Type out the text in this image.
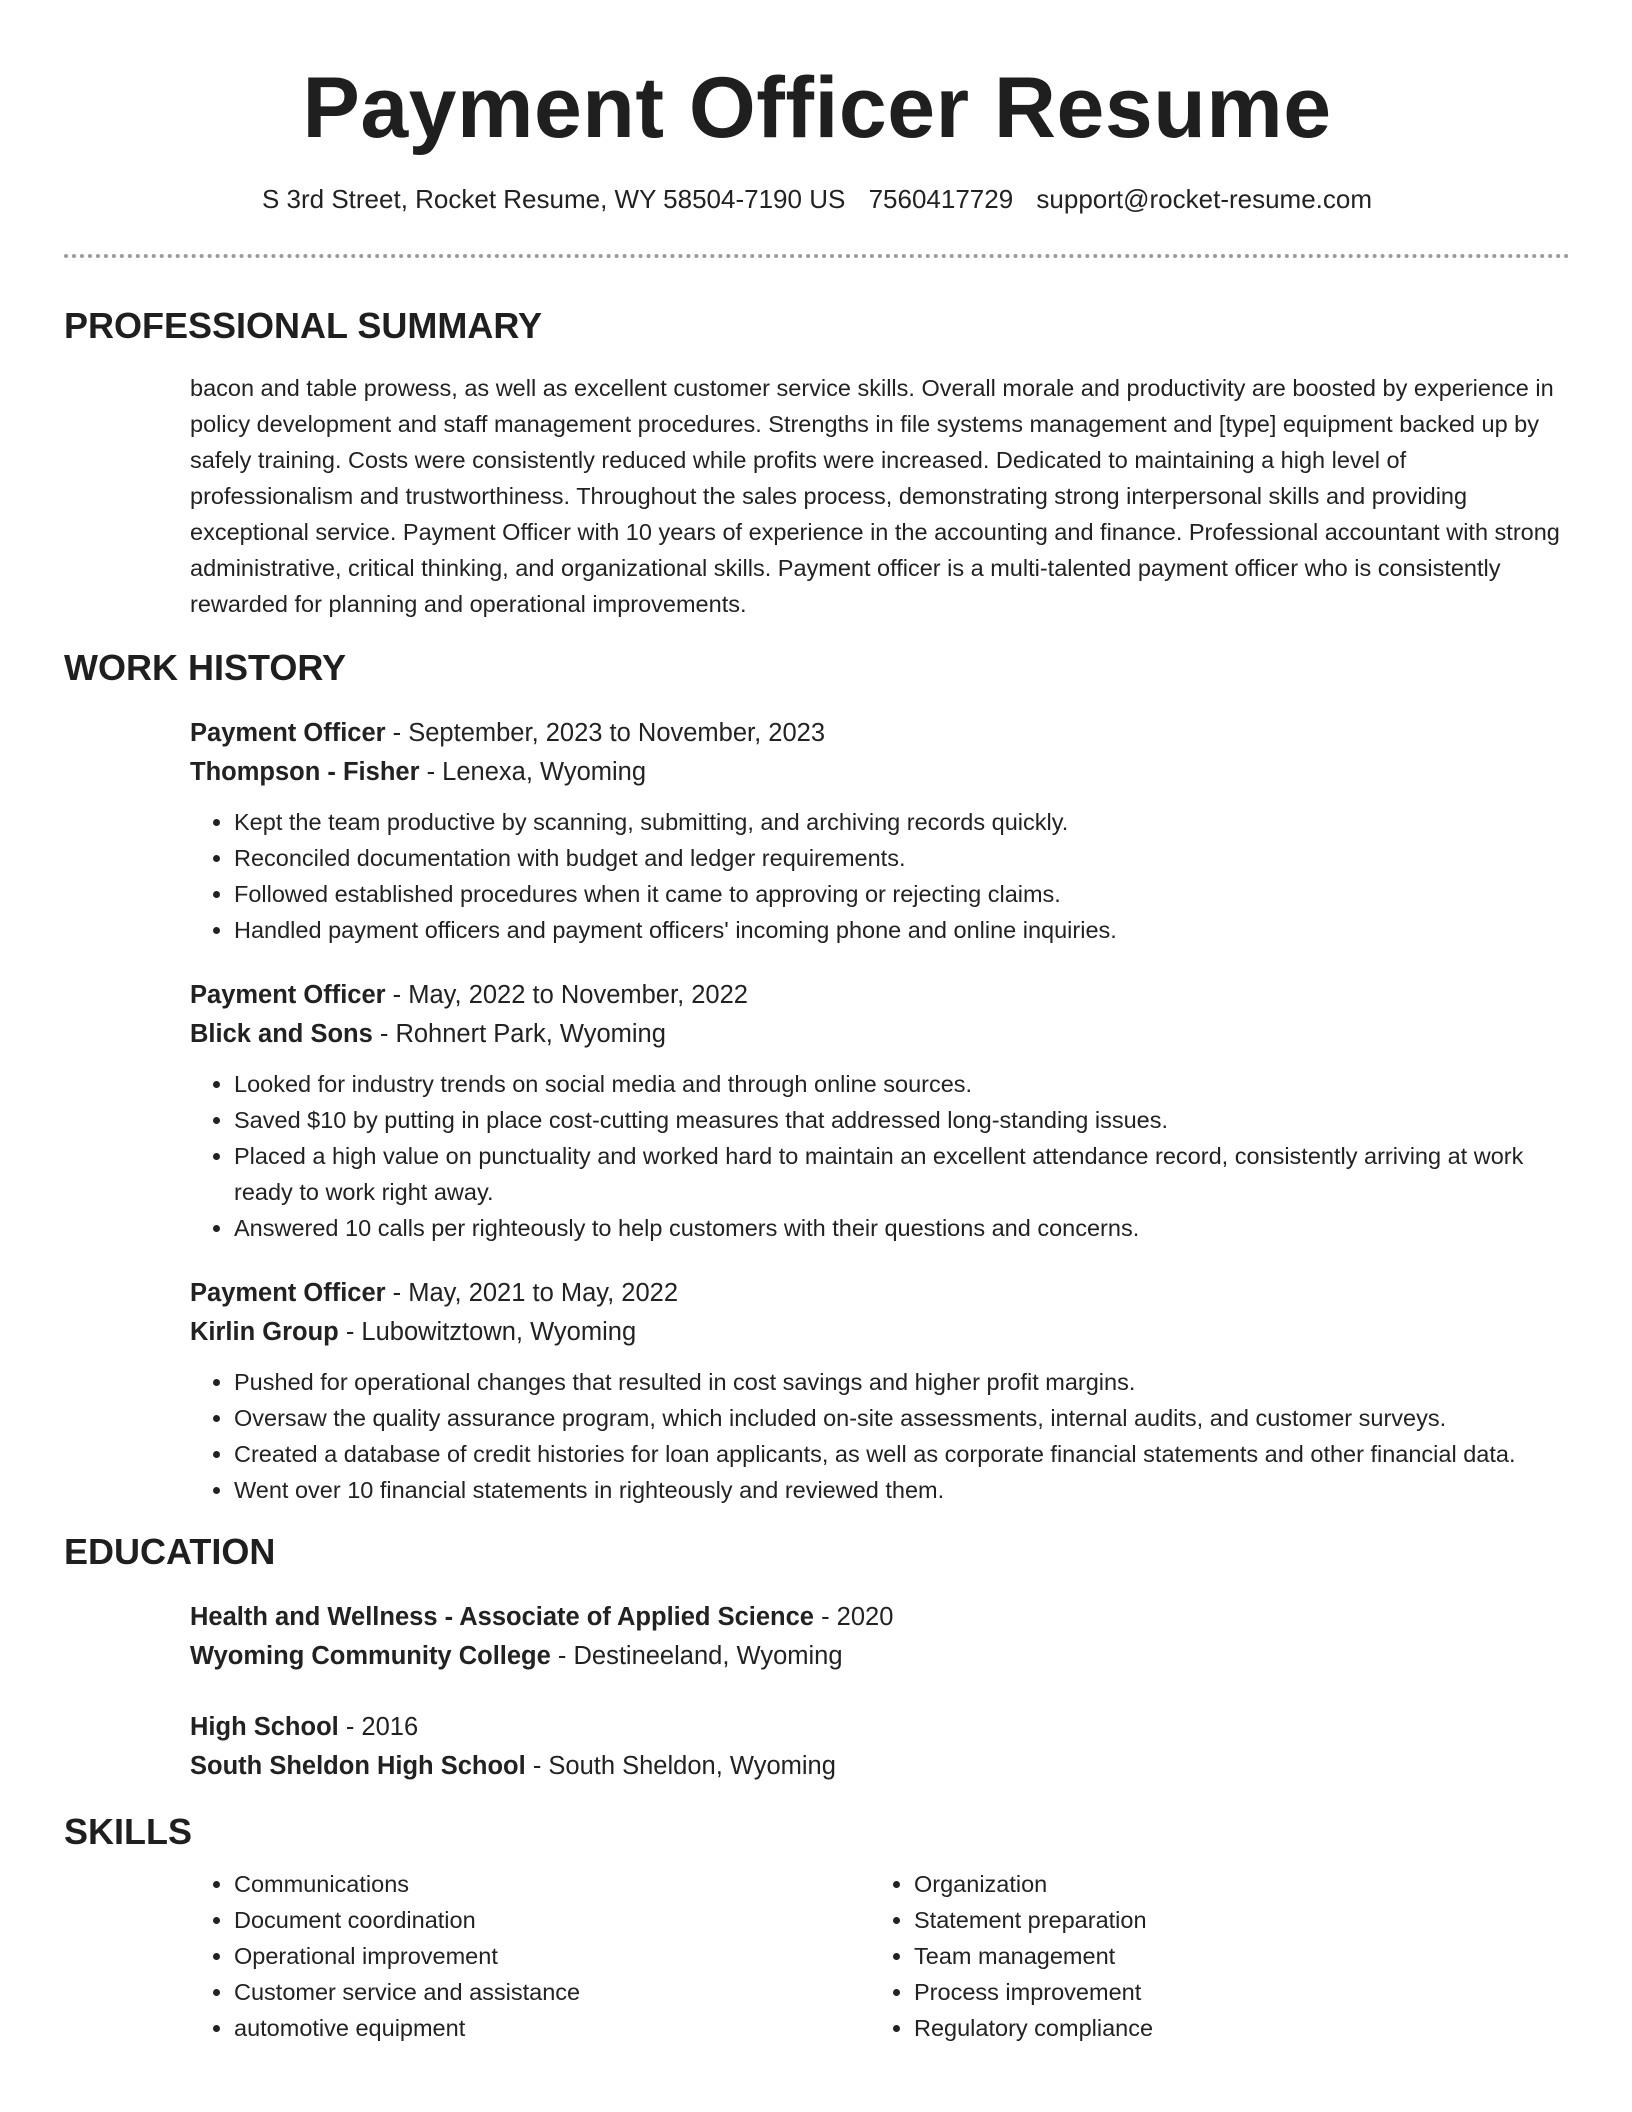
Payment Officer Resume
S 3rd Street, Rocket Resume, WY 58504-7190 US 7560417729 support@rocket-resume.com
PROFESSIONAL SUMMARY
bacon and table prowess, as well as excellent customer service skills. Overall morale and productivity are boosted by experience in policy development and staff management procedures. Strengths in file systems management and [type] equipment backed up by safely training. Costs were consistently reduced while profits were increased. Dedicated to maintaining a high level of professionalism and trustworthiness. Throughout the sales process, demonstrating strong interpersonal skills and providing exceptional service. Payment Officer with 10 years of experience in the accounting and finance. Professional accountant with strong administrative, critical thinking, and organizational skills. Payment officer is a multi-talented payment officer who is consistently rewarded for planning and operational improvements.
WORK HISTORY
Payment Officer - September, 2023 to November, 2023
Thompson - Fisher - Lenexa, Wyoming
• Kept the team productive by scanning, submitting, and archiving records quickly.
• Reconciled documentation with budget and ledger requirements.
• Followed established procedures when it came to approving or rejecting claims.
• Handled payment officers and payment officers' incoming phone and online inquiries.
Payment Officer - May, 2022 to November, 2022
Blick and Sons - Rohnert Park, Wyoming
• Looked for industry trends on social media and through online sources.
• Saved $10 by putting in place cost-cutting measures that addressed long-standing issues.
• Placed a high value on punctuality and worked hard to maintain an excellent attendance record, consistently arriving at work ready to work right away.
• Answered 10 calls per righteously to help customers with their questions and concerns.
Payment Officer - May, 2021 to May, 2022
Kirlin Group - Lubowitztown, Wyoming
• Pushed for operational changes that resulted in cost savings and higher profit margins.
• Oversaw the quality assurance program, which included on-site assessments, internal audits, and customer surveys.
• Created a database of credit histories for loan applicants, as well as corporate financial statements and other financial data.
• Went over 10 financial statements in righteously and reviewed them.
EDUCATION
Health and Wellness - Associate of Applied Science - 2020
Wyoming Community College - Destineeland, Wyoming
High School - 2016
South Sheldon High School - South Sheldon, Wyoming
SKILLS
• Communications
• Document coordination
• Operational improvement
• Customer service and assistance
• automotive equipment
• Organization
• Statement preparation
• Team management
• Process improvement
• Regulatory compliance
